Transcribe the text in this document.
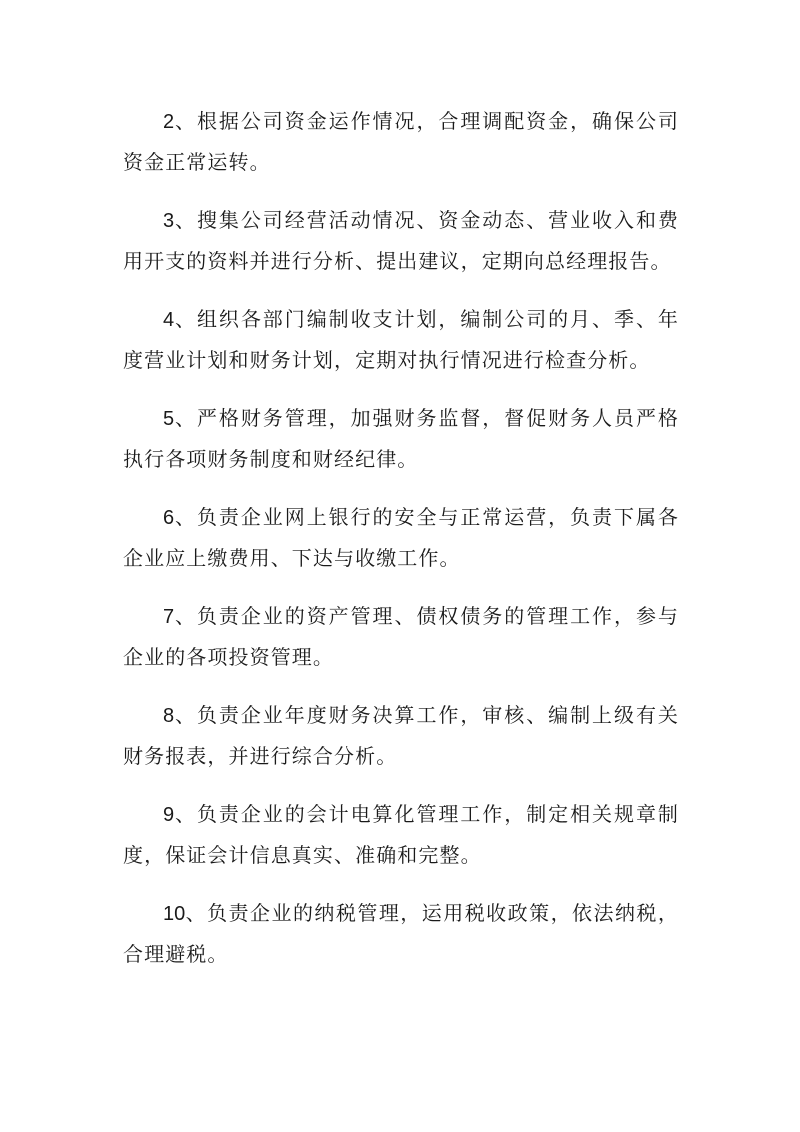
2、根据公司资金运作情况，合理调配资金，确保公司资金正常运转。

3、搜集公司经营活动情况、资金动态、营业收入和费用开支的资料并进行分析、提出建议，定期向总经理报告。

4、组织各部门编制收支计划，编制公司的月、季、年度营业计划和财务计划，定期对执行情况进行检查分析。

5、严格财务管理，加强财务监督，督促财务人员严格执行各项财务制度和财经纪律。

6、负责企业网上银行的安全与正常运营，负责下属各企业应上缴费用、下达与收缴工作。

7、负责企业的资产管理、债权债务的管理工作，参与企业的各项投资管理。

8、负责企业年度财务决算工作，审核、编制上级有关财务报表，并进行综合分析。

9、负责企业的会计电算化管理工作，制定相关规章制度，保证会计信息真实、准确和完整。

10、负责企业的纳税管理，运用税收政策，依法纳税，合理避税。
